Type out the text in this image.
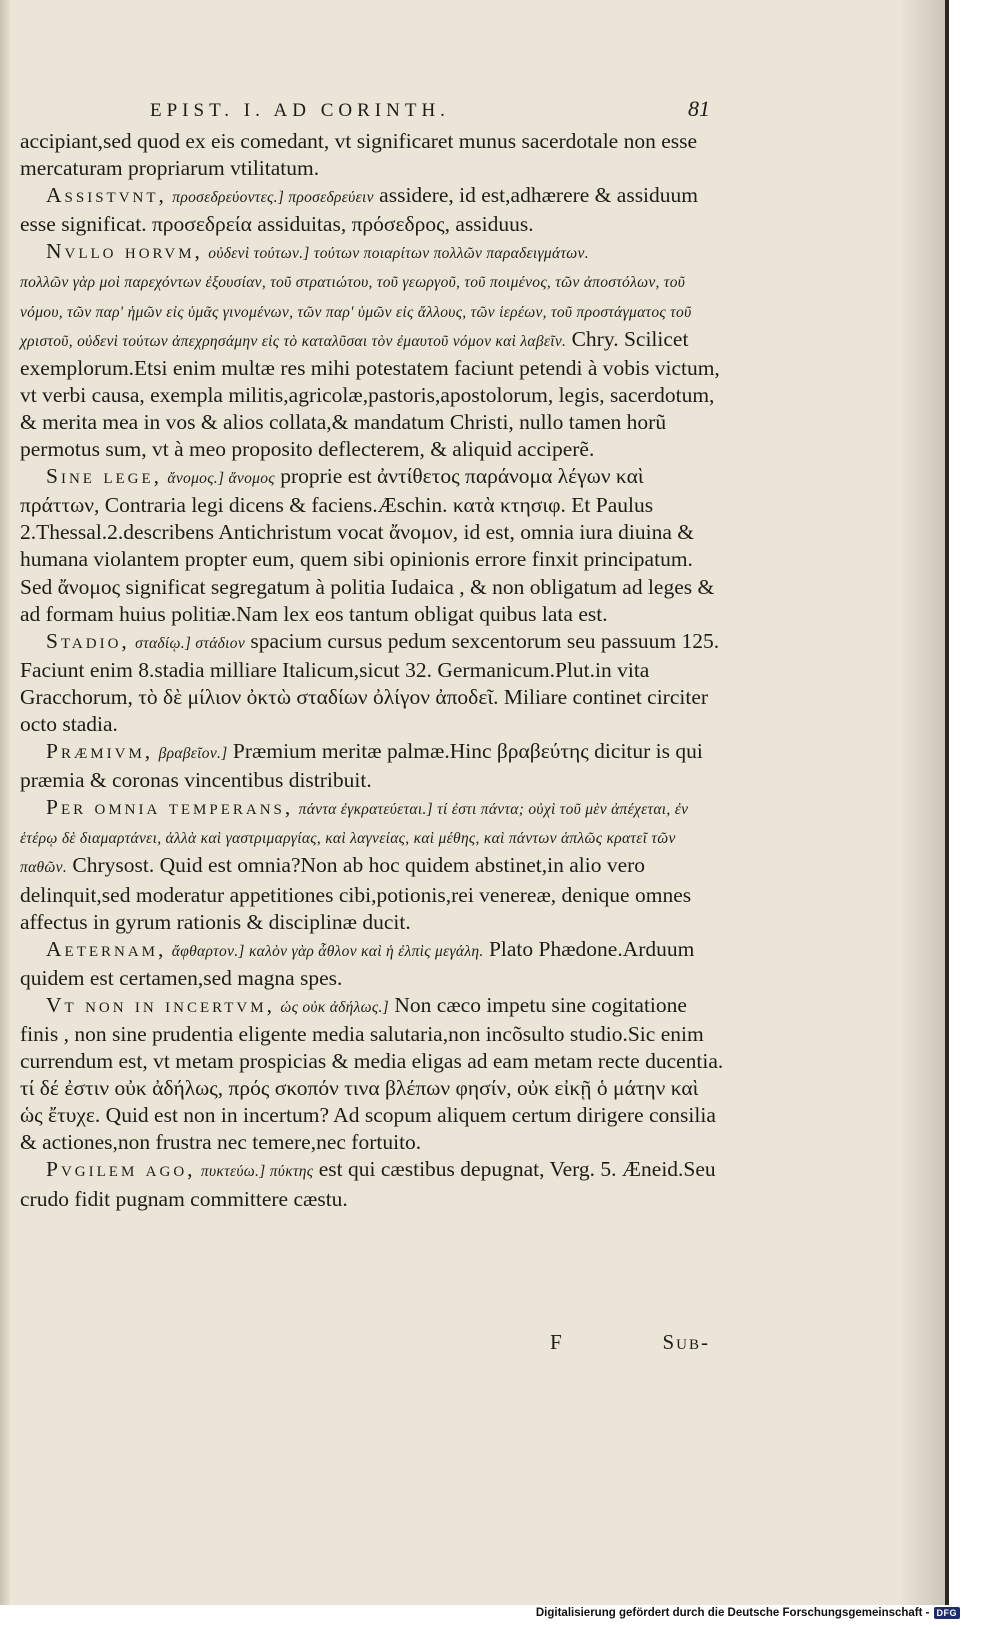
EPIST. I. AD CORINTH.	81

accipiant,sed quod ex eis comedant, vt significaret munus sacerdotale non esse mercaturam propriarum vtilitatum.

Assistvnt, προσεδρεύοντες.] προσεδρεύειν assidere, id est,adhærere & assiduum esse significat. προσεδρεία assiduitas, πρόσεδρος, assiduus.

Nvllo horvm, οὐδενὶ τούτων.] τούτων ποιαρίτων πολλῶν παραδειγμάτων.

πολλῶν γὰρ μοὶ παρεχόντων ἐξουσίαν, τοῦ στρατιώτου, τοῦ γεωργοῦ, τοῦ ποιμένος, τῶν ἀποστόλων, τοῦ νόμου, τῶν παρ' ἡμῶν εἰς ὑμᾶς γινομένων, τῶν παρ' ὑμῶν εἰς ἄλλους, τῶν ἱερέων, τοῦ προστάγματος τοῦ χριστοῦ, οὐδενὶ τούτων ἀπεχρησάμην εἰς τὸ καταλῦσαι τὸν ἐμαυτοῦ νόμον καὶ λαβεῖν. Chry. Scilicet exemplorum.Etsi enim multæ res mihi potestatem faciunt petendi à vobis victum, vt verbi causa, exempla militis,agricolæ,pastoris,apostolorum, legis, sacerdotum, & merita mea in vos & alios collata,& mandatum Christi, nullo tamen horũ permotus sum, vt à meo proposito deflecterem, & aliquid acciperẽ.

Sine lege, ἄνομος.] ἄνομος proprie est ἀντίθετος παράνομα λέγων καὶ πράττων, Contraria legi dicens & faciens.Æschin. κατὰ κτησιφ. Et Paulus 2.Thessal.2.describens Antichristum vocat ἄνομον, id est, omnia iura diuina & humana violantem propter eum, quem sibi opinionis errore finxit principatum. Sed ἄνομος significat segregatum à politia Iudaica , & non obligatum ad leges & ad formam huius politiæ.Nam lex eos tantum obligat quibus lata est.

Stadio, σταδίῳ.] στάδιον spacium cursus pedum sexcentorum seu passuum 125. Faciunt enim 8.stadia milliare Italicum,sicut 32. Germanicum.Plut.in vita Gracchorum, τὸ δὲ μίλιον ὀκτὼ σταδίων ὀλίγον ἀποδεῖ. Miliare continet circiter octo stadia.

Præmivm, βραβεῖον.] Præmium meritæ palmæ.Hinc βραβεύτης dicitur is qui præmia & coronas vincentibus distribuit.

Per omnia temperans, πάντα ἐγκρατεύεται.] τί ἐστι πάντα; οὐχὶ τοῦ μὲν ἀπέχεται, ἐν ἑτέρῳ δὲ διαμαρτάνει, ἀλλὰ καὶ γαστριμαργίας, καὶ λαγνείας, καὶ μέθης, καὶ πάντων ἁπλῶς κρατεῖ τῶν παθῶν. Chrysost. Quid est omnia?Non ab hoc quidem abstinet,in alio vero delinquit,sed moderatur appetitiones cibi,potionis,rei venereæ, denique omnes affectus in gyrum rationis & disciplinæ ducit.

Aeternam, ἄφθαρτον.] καλὸν γὰρ ἆθλον καὶ ἡ ἐλπὶς μεγάλη. Plato Phædone.Arduum quidem est certamen,sed magna spes.

Vt non in incertvm, ὡς οὐκ ἀδήλως.] Non cæco impetu sine cogitatione finis , non sine prudentia eligente media salutaria,non incõsulto studio.Sic enim currendum est, vt metam prospicias & media eligas ad eam metam recte ducentia. τί δέ ἐστιν οὐκ ἀδήλως, πρός σκοπόν τινα βλέπων φησίν, οὐκ εἰκῇ ὁ μάτην καὶ ὡς ἔτυχε. Quid est non in incertum? Ad scopum aliquem certum dirigere consilia & actiones,non frustra nec temere,nec fortuito.

Pvgilem ago, πυκτεύω.] πύκτης est qui cæstibus depugnat, Verg. 5. Æneid.Seu crudo fidit pugnam committere cæstu.

F	Sub-
Digitalisierung gefördert durch die Deutsche Forschungsgemeinschaft - DFG
